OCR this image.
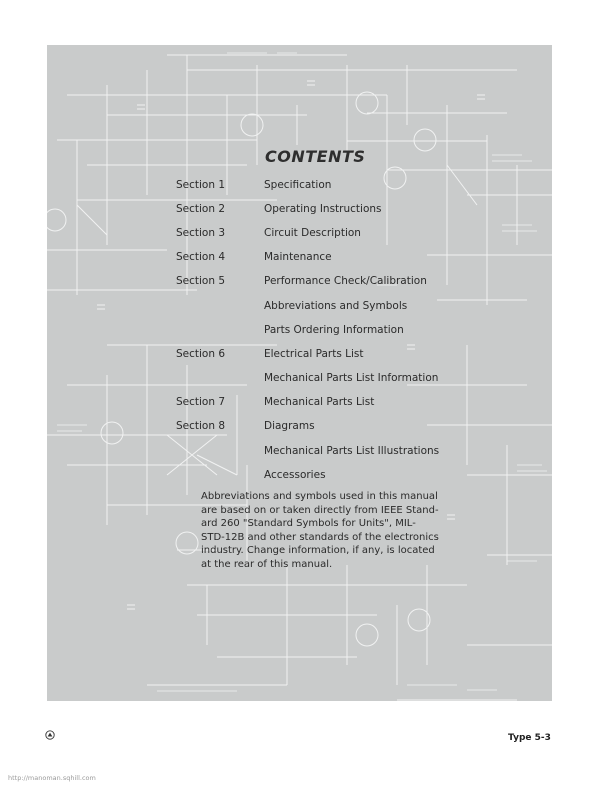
CONTENTS

Section 1	Specification

Section 2	Operating Instructions

Section 3	Circuit Description

Section 4	Maintenance

Section 5	Performance Check/Calibration

Abbreviations and Symbols

Parts Ordering Information

Section 6	Electrical Parts List

Mechanical Parts List Information

Section 7	Mechanical Parts List

Section 8	Diagrams

Mechanical Parts List Illustrations

Accessories

Abbreviations and symbols used in this manual
are based on or taken directly from IEEE Stand-
ard 260 "Standard Symbols for Units", MIL-
STD-12B and other standards of the electronics
industry. Change information, if any, is located
at the rear of this manual.
Type 5-3
http://manoman.sqhill.com
